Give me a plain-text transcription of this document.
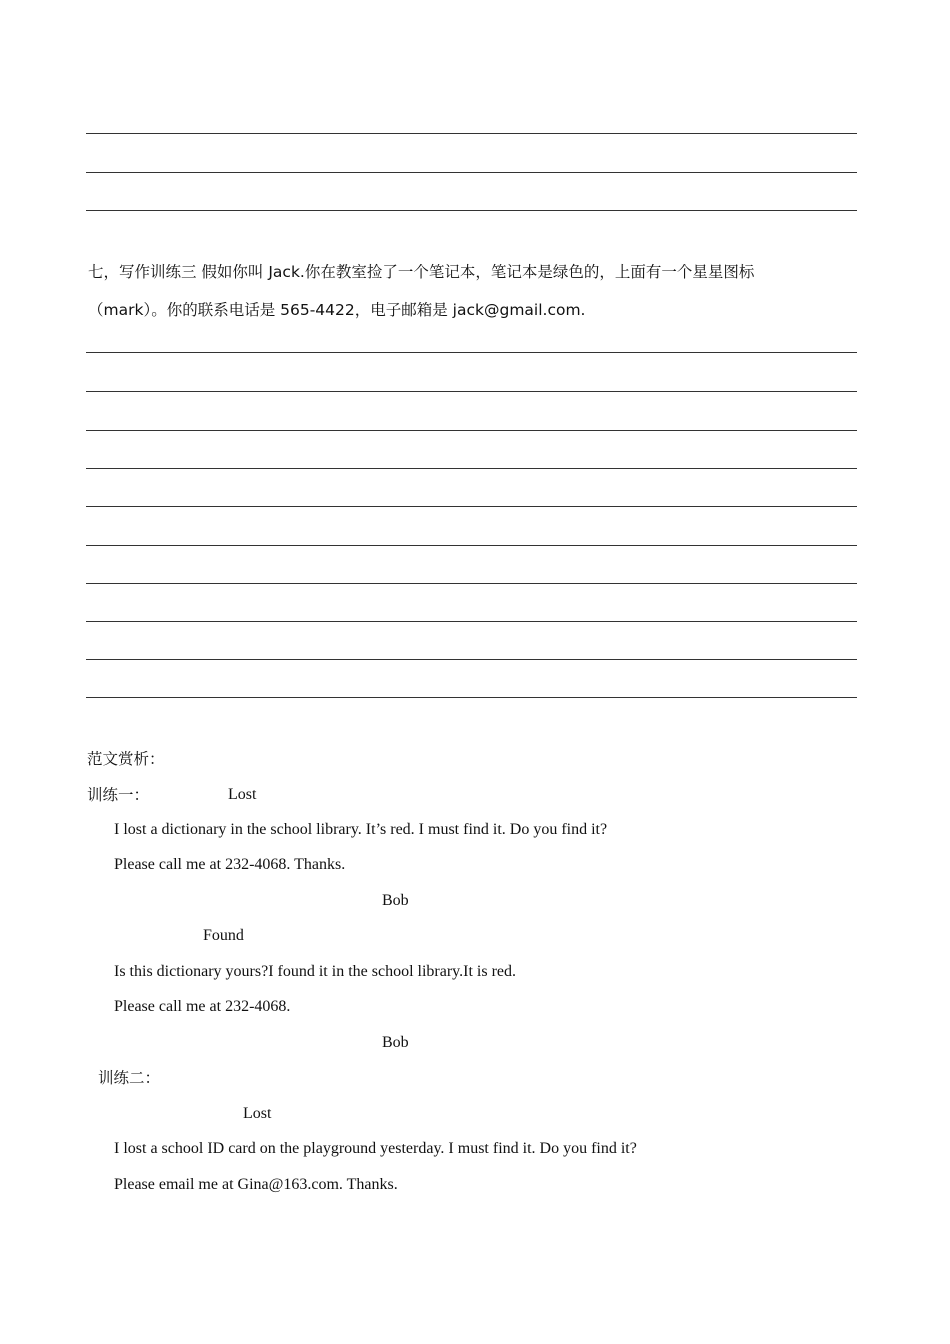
七，写作训练三 假如你叫 Jack.你在教室捡了一个笔记本，笔记本是绿色的，上面有一个星星图标
（mark）。你的联系电话是 565-4422，电子邮箱是 jack@gmail.com.
范文赏析：
训练一：	Lost
I lost a dictionary in the school library. It’s red. I must find it. Do you find it?
Please call me at 232-4068. Thanks.
Bob
Found
Is this dictionary yours?I found it in the school library.It is red.
Please call me at 232-4068.
Bob
训练二：
Lost
I lost a school ID card on the playground yesterday. I must find it. Do you find it?
Please email me at Gina@163.com. Thanks.
